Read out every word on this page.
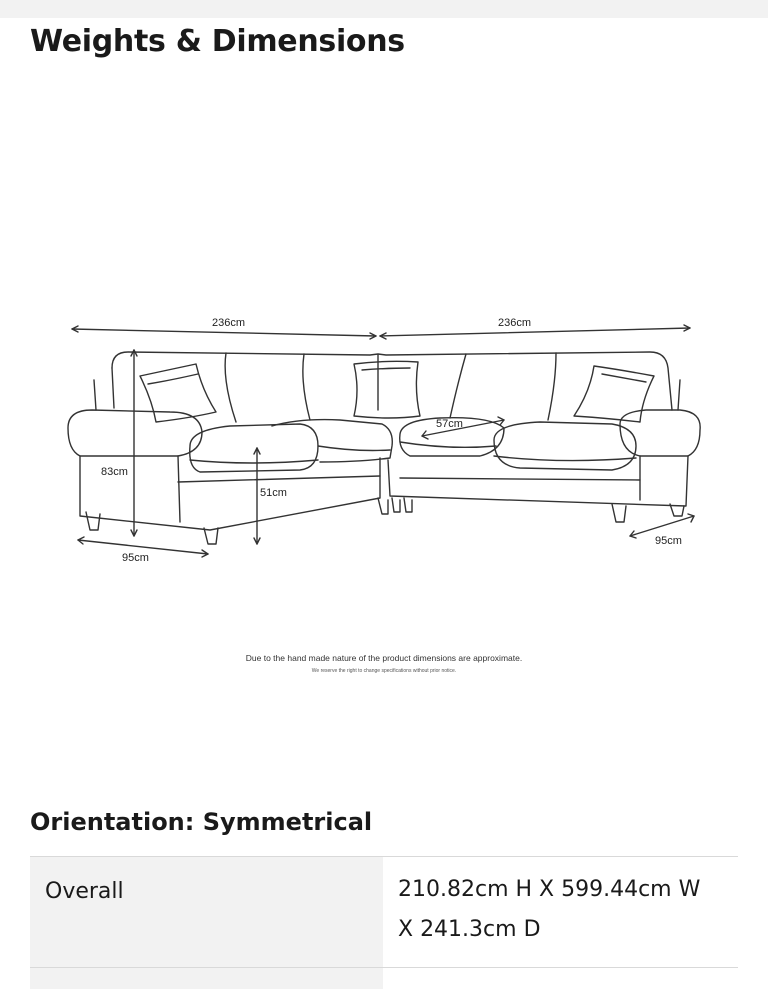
Weights & Dimensions
236cm	236cm
83cm
51cm
57cm
95cm
95cm

Due to the hand made nature of the product dimensions are approximate.

We reserve the right to change specifications without prior notice.

Orientation: Symmetrical
Overall	210.82cm H X 599.44cm W X 241.3cm D
